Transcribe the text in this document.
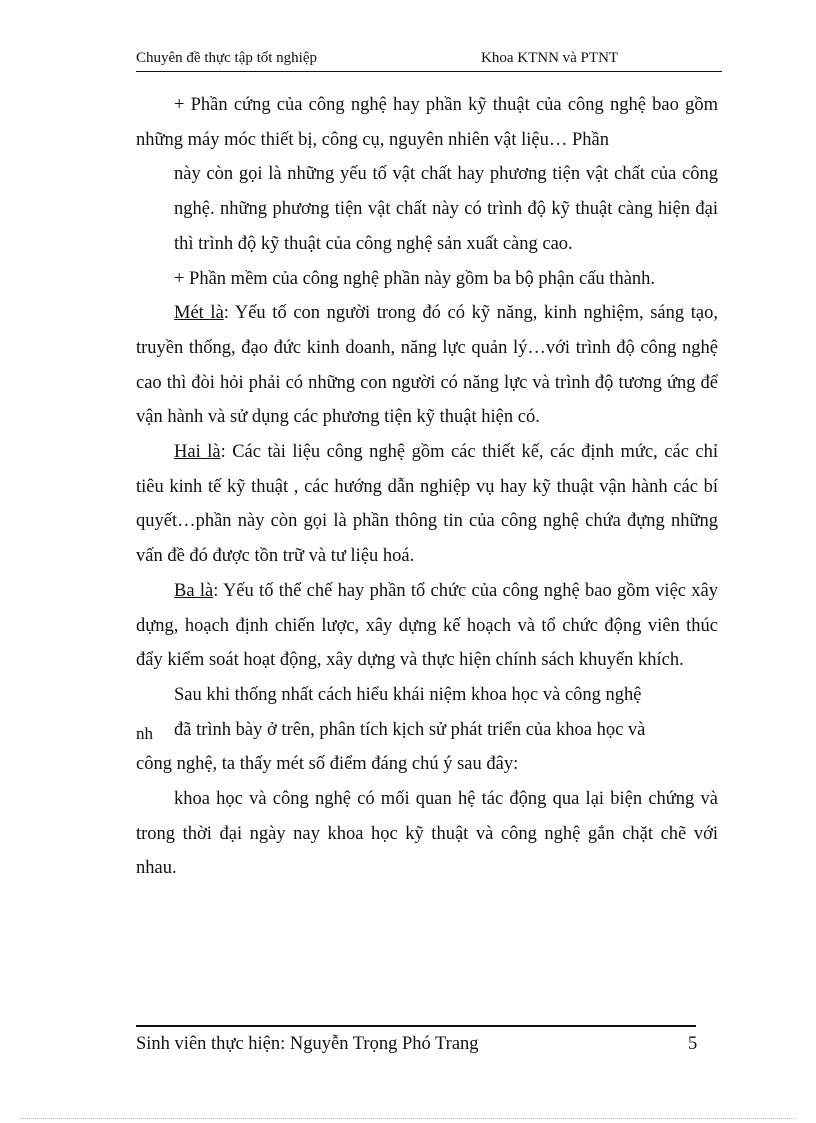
Chuyên đề thực tập tốt nghiệp	Khoa KTNN và PTNT

+ Phần cứng của công nghệ hay phần kỹ thuật của công nghệ bao gồm những máy móc thiết bị, công cụ, nguyên nhiên vật liệu… Phần

này còn gọi là những yếu tố vật chất hay phương tiện vật chất của công nghệ. những phương tiện vật chất này có trình độ kỹ thuật càng hiện đại thì trình độ kỹ thuật của công nghệ sản xuất càng cao.

+ Phần mềm của công nghệ phần này gồm ba bộ phận cấu thành.

Mét là: Yếu tố con người trong đó có kỹ năng, kinh nghiệm, sáng tạo, truyền thống, đạo đức kinh doanh, năng lực quản lý…với trình độ công nghệ cao thì đòi hỏi phải có những con người có năng lực và trình độ tương ứng để vận hành và sử dụng các phương tiện kỹ thuật hiện có.

Hai là: Các tài liệu công nghệ gồm các thiết kế, các định mức, các chỉ tiêu kinh tế kỹ thuật , các hướng dẫn nghiệp vụ hay kỹ thuật vận hành các bí quyết…phần này còn gọi là phần thông tin của công nghệ chứa đựng những vấn đề đó được tồn trữ và tư liệu hoá.

Ba là: Yếu tố thể chế hay phần tổ chức của công nghệ bao gồm việc xây dựng, hoạch định chiến lược, xây dựng kế hoạch và tổ chức động viên thúc đẩy kiểm soát hoạt động, xây dựng và thực hiện chính sách khuyến khích.

Sau khi thống nhất cách hiểu khái niệm khoa học và công nghệ

nh đã trình bày ở trên, phân tích kịch sử phát triển của khoa học và

công nghệ, ta thấy mét số điểm đáng chú ý sau đây:

khoa học và công nghệ có mối quan hệ tác động qua lại biện chứng và trong thời đại ngày nay khoa học kỹ thuật và công nghệ gắn chặt chẽ với nhau.

Sinh viên thực hiện: Nguyễn Trọng Phó Trang	5
